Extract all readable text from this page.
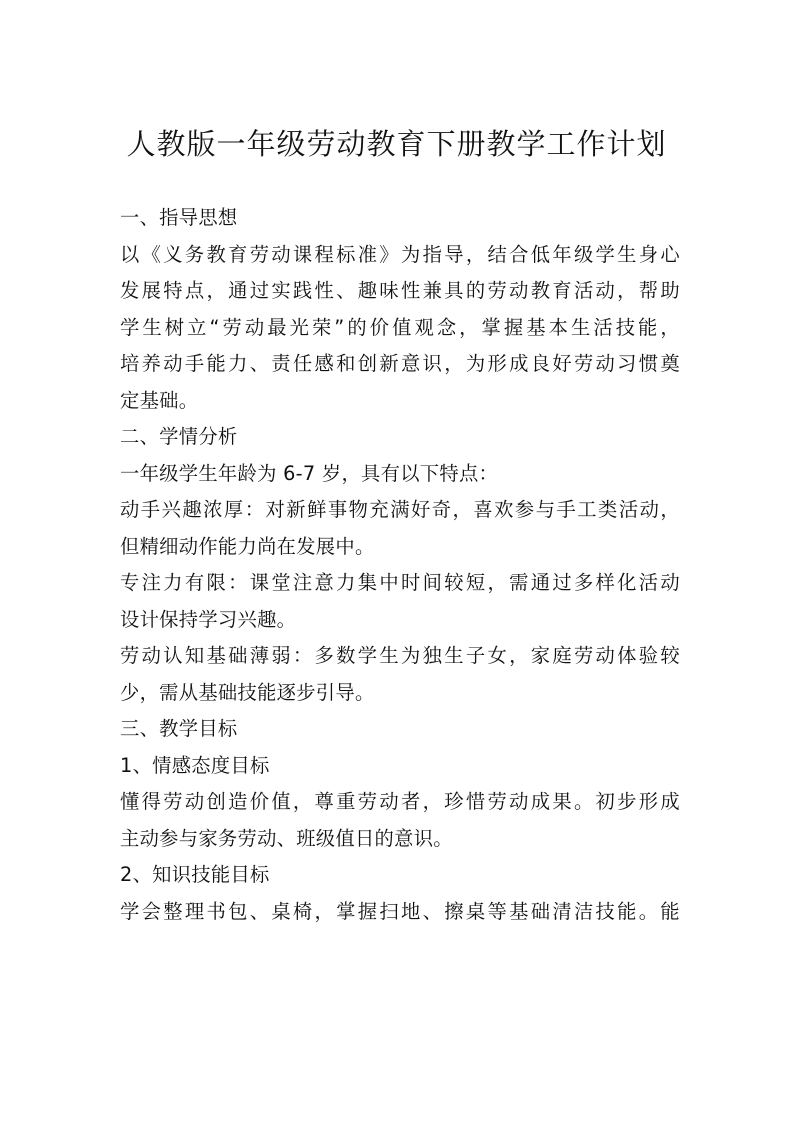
人教版一年级劳动教育下册教学工作计划
一、指导思想
以《义务教育劳动课程标准》为指导，结合低年级学生身心
发展特点，通过实践性、趣味性兼具的劳动教育活动，帮助
学生树立“劳动最光荣”的价值观念，掌握基本生活技能，
培养动手能力、责任感和创新意识，为形成良好劳动习惯奠
定基础。
二、学情分析
一年级学生年龄为 6-7 岁，具有以下特点：
动手兴趣浓厚：对新鲜事物充满好奇，喜欢参与手工类活动，
但精细动作能力尚在发展中。
专注力有限：课堂注意力集中时间较短，需通过多样化活动
设计保持学习兴趣。
劳动认知基础薄弱：多数学生为独生子女，家庭劳动体验较
少，需从基础技能逐步引导。
三、教学目标
1、情感态度目标
懂得劳动创造价值，尊重劳动者，珍惜劳动成果。初步形成
主动参与家务劳动、班级值日的意识。
2、知识技能目标
学会整理书包、桌椅，掌握扫地、擦桌等基础清洁技能。能
